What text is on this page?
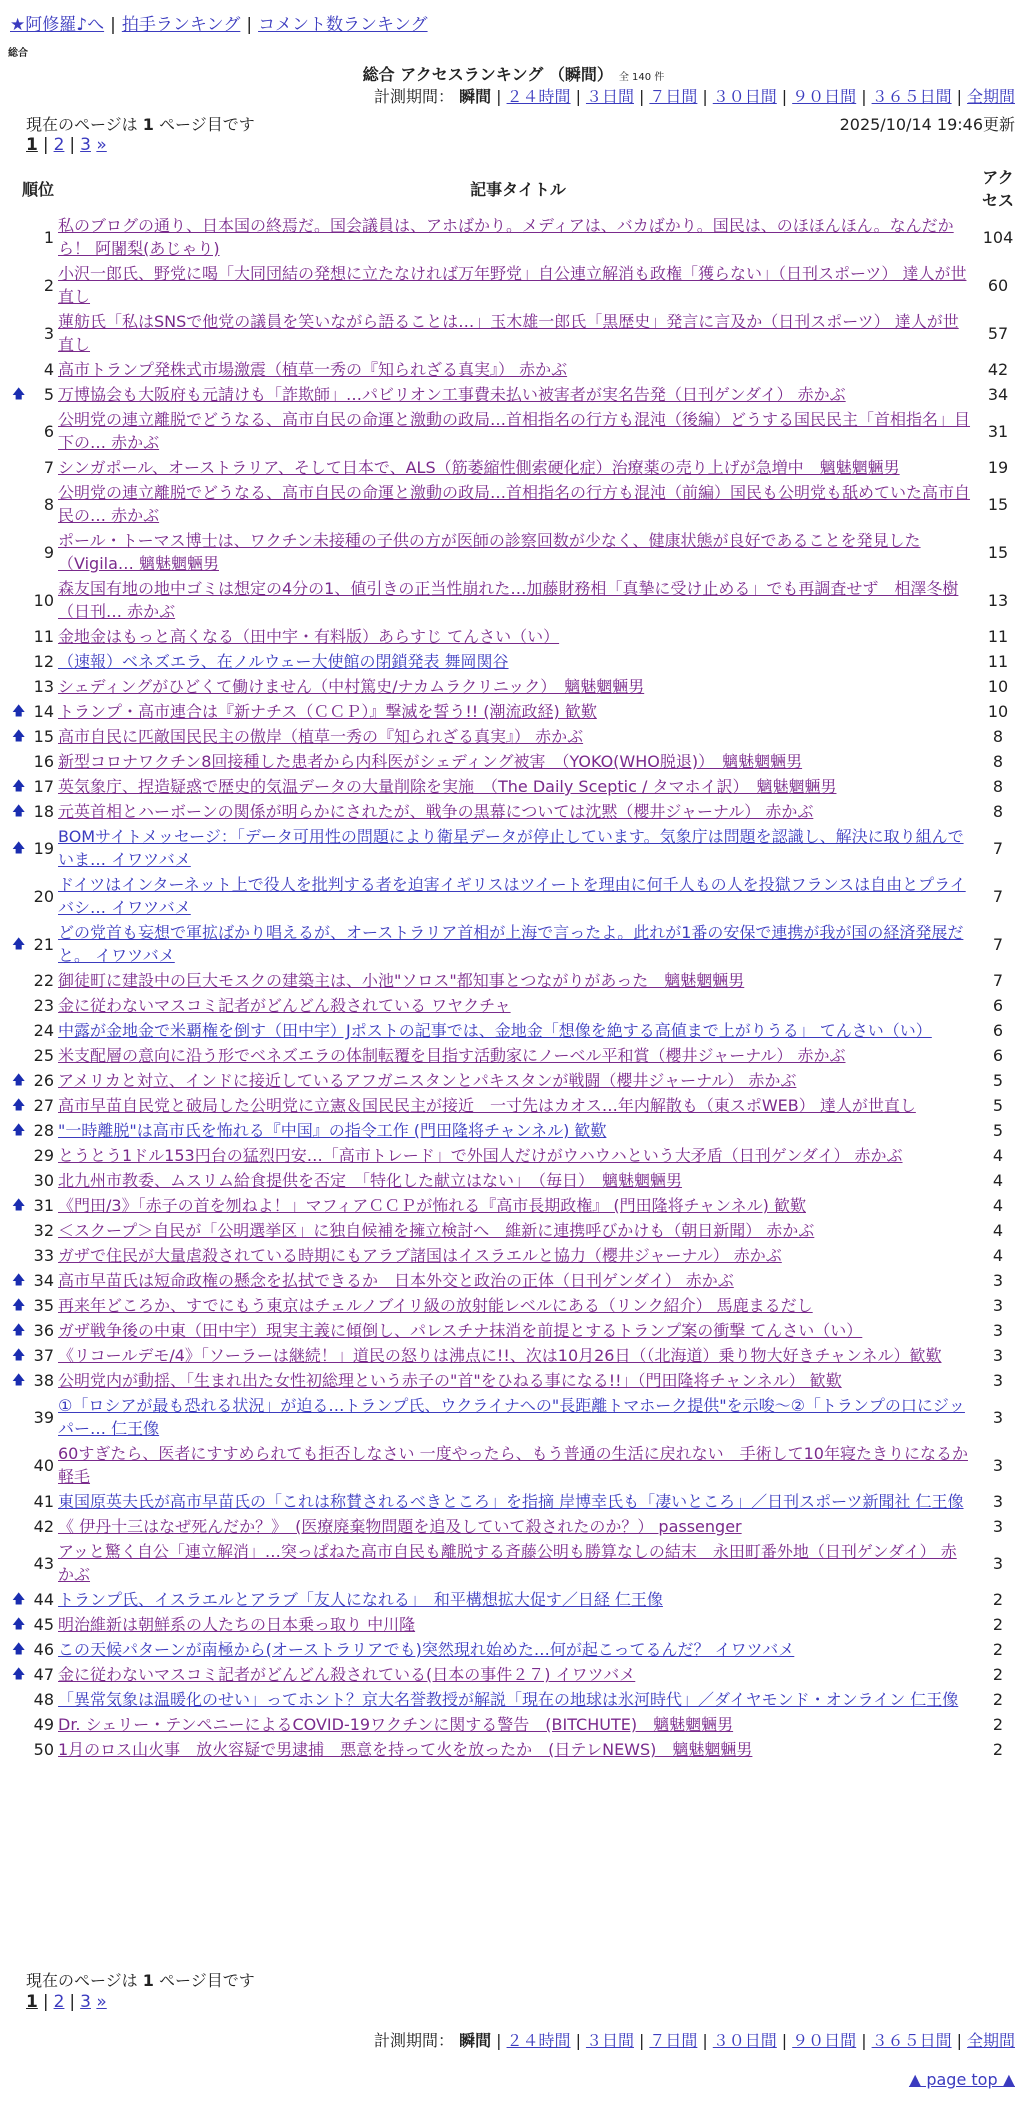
★阿修羅♪へ | 拍手ランキング | コメント数ランキング
総合
総合 アクセスランキング （瞬間） 全 140 件
計測期間： 瞬間 | ２４時間 | ３日間 | ７日間 | ３０日間 | ９０日間 | ３６５日間 | 全期間
現在のページは 1 ページ目です	2025/10/14 19:46更新
1 | 2 | 3 »
順位	記事タイトル	アクセス
1	私のブログの通り、日本国の終焉だ。国会議員は、アホばかり。メディアは、バカばかり。国民は、のほほんほん。なんだから！ 阿闍梨(あじゃり)	104
2	小沢一郎氏、野党に喝「大同団結の発想に立たなければ万年野党」自公連立解消も政権「獲らない」（日刊スポーツ） 達人が世直し	60
3	蓮舫氏「私はSNSで他党の議員を笑いながら語ることは…」玉木雄一郎氏「黒歴史」発言に言及か（日刊スポーツ） 達人が世直し	57
4	高市トランプ発株式市場激震（植草一秀の『知られざる真実』） 赤かぶ	42

🡅 5	万博協会も大阪府も元請けも「詐欺師」…パビリオン工事費未払い被害者が実名告発（日刊ゲンダイ） 赤かぶ	34
6	公明党の連立離脱でどうなる、高市自民の命運と激動の政局…首相指名の行方も混沌（後編）どうする国民民主「首相指名」目下の… 赤かぶ	31
7	シンガポール、オーストラリア、そして日本で、ALS（筋萎縮性側索硬化症）治療薬の売り上げが急増中　魑魅魍魎男	19
8	公明党の連立離脱でどうなる、高市自民の命運と激動の政局…首相指名の行方も混沌（前編）国民も公明党も舐めていた高市自民の… 赤かぶ	15
9	ポール・トーマス博士は、ワクチン未接種の子供の方が医師の診察回数が少なく、健康状態が良好であることを発見した（Vigila… 魑魅魍魎男	15
10	森友国有地の地中ゴミは想定の4分の1、値引きの正当性崩れた…加藤財務相「真摯に受け止める」でも再調査せず　相澤冬樹（日刊… 赤かぶ	13
11	金地金はもっと高くなる（田中宇・有料版）あらすじ てんさい（い）	11
12	（速報）ベネズエラ、在ノルウェー大使館の閉鎖発表 舞岡関谷	11
13	シェディングがひどくて働けません（中村篤史/ナカムラクリニック）　魑魅魍魎男	10

🡅 14	トランプ・高市連合は『新ナチス（ＣＣＰ）』撃滅を誓う!! (潮流政経) 歓歎	10

🡅 15	高市自民に匹敵国民民主の傲岸（植草一秀の『知られざる真実』） 赤かぶ	8
16	新型コロナワクチン8回接種した患者から内科医がシェディング被害　（YOKO(WHO脱退)）　魑魅魍魎男	8

🡅 17	英気象庁、捏造疑惑で歴史的気温データの大量削除を実施　（The Daily Sceptic / タマホイ訳）　魑魅魍魎男	8

🡅 18	元英首相とハーボーンの関係が明らかにされたが、戦争の黒幕については沈黙（櫻井ジャーナル） 赤かぶ	8

🡅 19	BOMサイトメッセージ：「データ可用性の問題により衛星データが停止しています。気象庁は問題を認識し、解決に取り組んでいま… イワツバメ	7
20	ドイツはインターネット上で役人を批判する者を迫害イギリスはツイートを理由に何千人もの人を投獄フランスは自由とプライバシ… イワツバメ	7

🡅 21	どの党首も妄想で軍拡ばかり唱えるが、オーストラリア首相が上海で言ったよ。此れが1番の安保で連携が我が国の経済発展だと。 イワツバメ	7
22	御徒町に建設中の巨大モスクの建築主は、小池"ソロス"都知事とつながりがあった　魑魅魍魎男	7
23	金に従わないマスコミ記者がどんどん殺されている ワヤクチャ	6
24	中露が金地金で米覇権を倒す（田中宇）Jポストの記事では、金地金「想像を絶する高値まで上がりうる」 てんさい（い）	6
25	米支配層の意向に沿う形でベネズエラの体制転覆を目指す活動家にノーベル平和賞（櫻井ジャーナル） 赤かぶ	6

🡅 26	アメリカと対立、インドに接近しているアフガニスタンとパキスタンが戦闘（櫻井ジャーナル） 赤かぶ	5

🡅 27	高市早苗自民党と破局した公明党に立憲＆国民民主が接近　一寸先はカオス…年内解散も（東スポWEB） 達人が世直し	5

🡅 28	"一時離脱"は高市氏を怖れる『中国』の指令工作 (門田隆将チャンネル) 歓歎	5
29	とうとう1ドル153円台の猛烈円安…「高市トレード」で外国人だけがウハウハという大矛盾（日刊ゲンダイ） 赤かぶ	4
30	北九州市教委、ムスリム給食提供を否定　「特化した献立はない」　（毎日）　魑魅魍魎男	4

🡅 31	《門田/3》「赤子の首を刎ねよ！」マフィアＣＣＰが怖れる『高市長期政権』 (門田隆将チャンネル) 歓歎	4
32	＜スクープ＞自民が「公明選挙区」に独自候補を擁立検討へ　維新に連携呼びかけも（朝日新聞） 赤かぶ	4
33	ガザで住民が大量虐殺されている時期にもアラブ諸国はイスラエルと協力（櫻井ジャーナル） 赤かぶ	4

🡅 34	高市早苗氏は短命政権の懸念を払拭できるか　日本外交と政治の正体（日刊ゲンダイ） 赤かぶ	3

🡅 35	再来年どころか、すでにもう東京はチェルノブイリ級の放射能レベルにある（リンク紹介） 馬鹿まるだし	3

🡅 36	ガザ戦争後の中東（田中宇）現実主義に傾倒し、パレスチナ抹消を前提とするトランプ案の衝撃 てんさい（い）	3

🡅 37	《リコールデモ/4》「ソーラーは継続！」道民の怒りは沸点に!!、次は10月26日（（北海道）乗り物大好きチャンネル）歓歎	3

🡅 38	公明党内が動揺、「生まれ出た女性初総理という赤子の"首"をひねる事になる!!」（門田隆将チャンネル） 歓歎	3
39	①「ロシアが最も恐れる状況」が迫る…トランプ氏、ウクライナへの"長距離トマホーク提供"を示唆～②「トランプの口にジッパー… 仁王像	3
40	60すぎたら、医者にすすめられても拒否しなさい 一度やったら、もう普通の生活に戻れない　手術して10年寝たきりになるか軽毛	3
41	東国原英夫氏が高市早苗氏の「これは称賛されるべきところ」を指摘 岸博幸氏も「凄いところ」／日刊スポーツ新聞社 仁王像	3
42	《 伊丹十三はなぜ死んだか？》　(医療廃棄物問題を追及していて殺されたのか？） passenger	3
43	アッと驚く自公「連立解消」…突っぱねた高市自民も離脱する斉藤公明も勝算なしの結末　永田町番外地（日刊ゲンダイ） 赤かぶ	3

🡅 44	トランプ氏、イスラエルとアラブ「友人になれる」　和平構想拡大促す／日経 仁王像	2

🡅 45	明治維新は朝鮮系の人たちの日本乗っ取り 中川隆	2

🡅 46	この天候パターンが南極から(オーストラリアでも)突然現れ始めた…何が起こってるんだ？ イワツバメ	2

🡅 47	金に従わないマスコミ記者がどんどん殺されている(日本の事件２７) イワツバメ	2
48	「異常気象は温暖化のせい」ってホント？京大名誉教授が解説「現在の地球は氷河時代」／ダイヤモンド・オンライン 仁王像	2
49	Dr. シェリー・テンペニーによるCOVID-19ワクチンに関する警告　(BITCHUTE)　魑魅魍魎男	2
50	1月のロス山火事　放火容疑で男逮捕　悪意を持って火を放ったか　(日テレNEWS)　魑魅魍魎男	2
現在のページは 1 ページ目です
1 | 2 | 3 »
計測期間： 瞬間 | ２４時間 | ３日間 | ７日間 | ３０日間 | ９０日間 | ３６５日間 | 全期間
▲ page top ▲
